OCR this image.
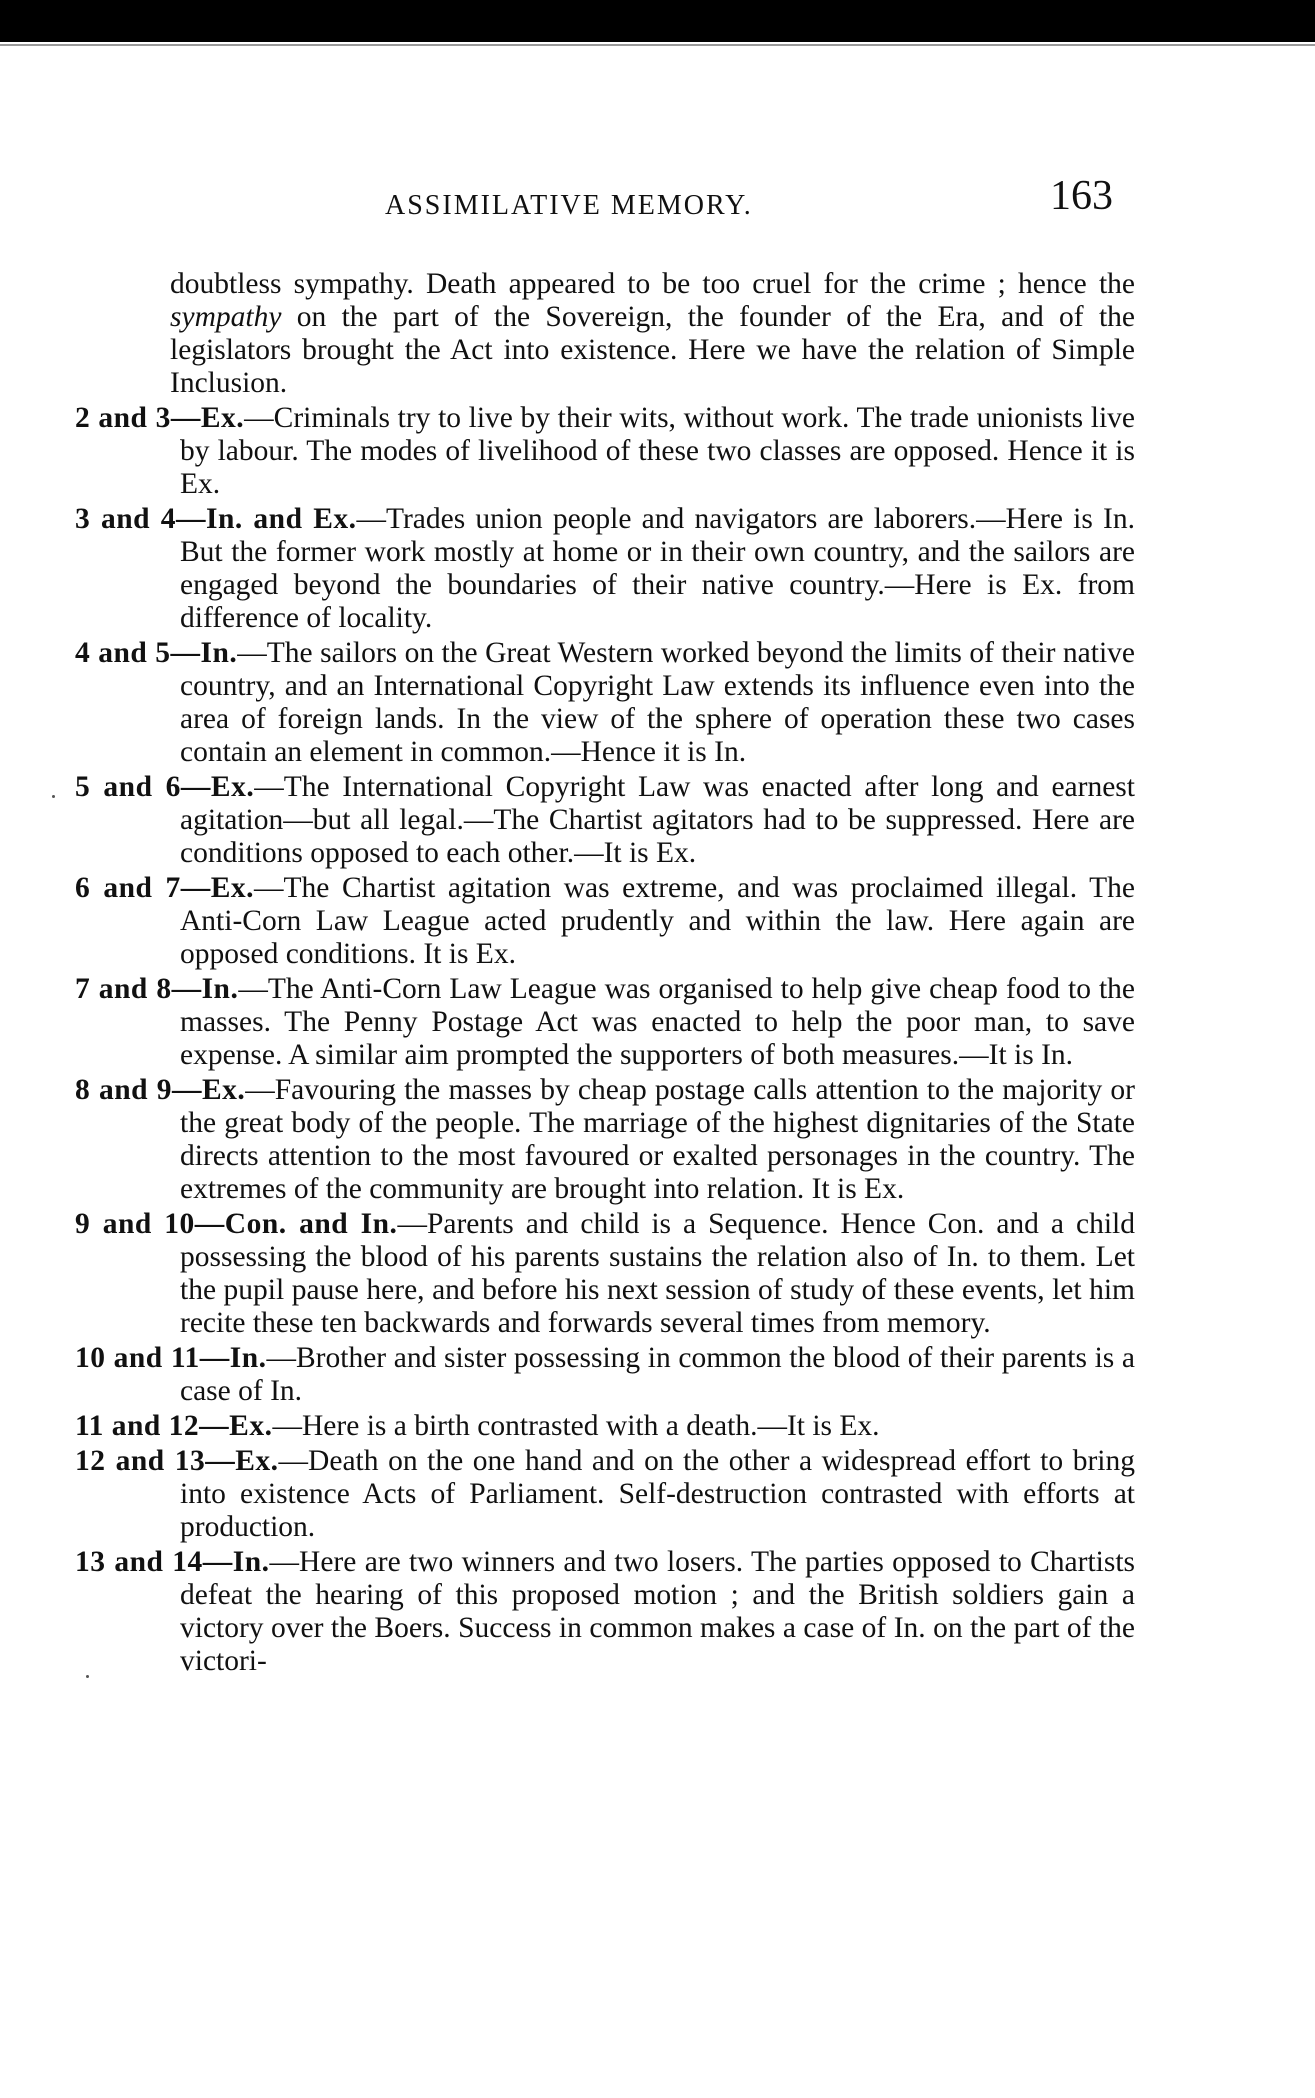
ASSIMILATIVE MEMORY.	163

doubtless sympathy. Death appeared to be too cruel for the crime ; hence the sympathy on the part of the Sovereign, the founder of the Era, and of the legislators brought the Act into existence. Here we have the relation of Simple Inclusion.

2 and 3—Ex.—Criminals try to live by their wits, without work. The trade unionists live by labour. The modes of livelihood of these two classes are opposed. Hence it is Ex.

3 and 4—In. and Ex.—Trades union people and navigators are laborers.—Here is In. But the former work mostly at home or in their own country, and the sailors are engaged beyond the boundaries of their native country.—Here is Ex. from difference of locality.

4 and 5—In.—The sailors on the Great Western worked beyond the limits of their native country, and an International Copyright Law extends its influence even into the area of foreign lands. In the view of the sphere of operation these two cases contain an element in common.—Hence it is In.

5 and 6—Ex.—The International Copyright Law was enacted after long and earnest agitation—but all legal.—The Chartist agitators had to be suppressed. Here are conditions opposed to each other.—It is Ex.

6 and 7—Ex.—The Chartist agitation was extreme, and was proclaimed illegal. The Anti-Corn Law League acted prudently and within the law. Here again are opposed conditions. It is Ex.

7 and 8—In.—The Anti-Corn Law League was organised to help give cheap food to the masses. The Penny Postage Act was enacted to help the poor man, to save expense. A similar aim prompted the supporters of both measures.—It is In.

8 and 9—Ex.—Favouring the masses by cheap postage calls attention to the majority or the great body of the people. The marriage of the highest dignitaries of the State directs attention to the most favoured or exalted personages in the country. The extremes of the community are brought into relation. It is Ex.

9 and 10—Con. and In.—Parents and child is a Sequence. Hence Con. and a child possessing the blood of his parents sustains the relation also of In. to them. Let the pupil pause here, and before his next session of study of these events, let him recite these ten backwards and forwards several times from memory.

10 and 11—In.—Brother and sister possessing in common the blood of their parents is a case of In.

11 and 12—Ex.—Here is a birth contrasted with a death.—It is Ex.

12 and 13—Ex.—Death on the one hand and on the other a widespread effort to bring into existence Acts of Parliament. Self-destruction contrasted with efforts at production.

13 and 14—In.—Here are two winners and two losers. The parties opposed to Chartists defeat the hearing of this proposed motion ; and the British soldiers gain a victory over the Boers. Success in common makes a case of In. on the part of the victori-
